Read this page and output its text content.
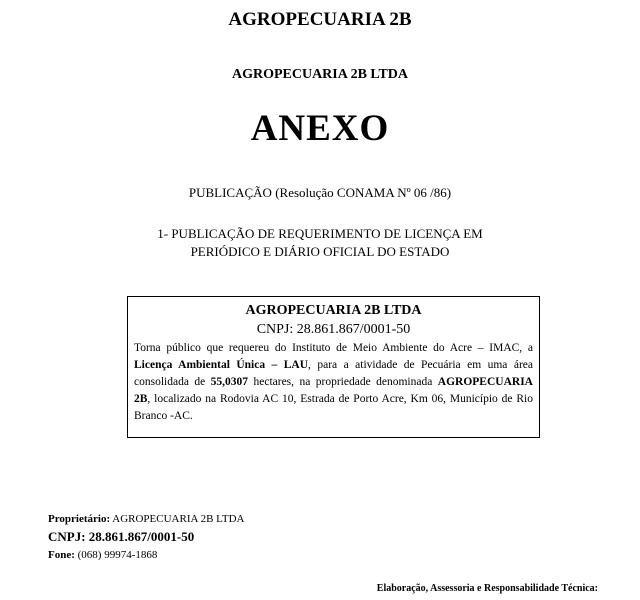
AGROPECUARIA 2B
AGROPECUARIA 2B LTDA
ANEXO
PUBLICAÇÃO (Resolução CONAMA Nº 06 /86)
1- PUBLICAÇÃO DE REQUERIMENTO DE LICENÇA EM
PERIÓDICO E DIÁRIO OFICIAL DO ESTADO
AGROPECUARIA 2B LTDA
CNPJ: 28.861.867/0001-50
Torna público que requereu do Instituto de Meio Ambiente do Acre – IMAC, a Licença Ambiental Única – LAU, para a atividade de Pecuária em uma área consolidada de 55,0307 hectares, na propriedade denominada AGROPECUARIA 2B, localizado na Rodovia AC 10, Estrada de Porto Acre, Km 06, Município de Rio Branco -AC.
Proprietário: AGROPECUARIA 2B LTDA
CNPJ: 28.861.867/0001-50
Fone: (068) 99974-1868
Elaboração, Assessoria e Responsabilidade Técnica:
